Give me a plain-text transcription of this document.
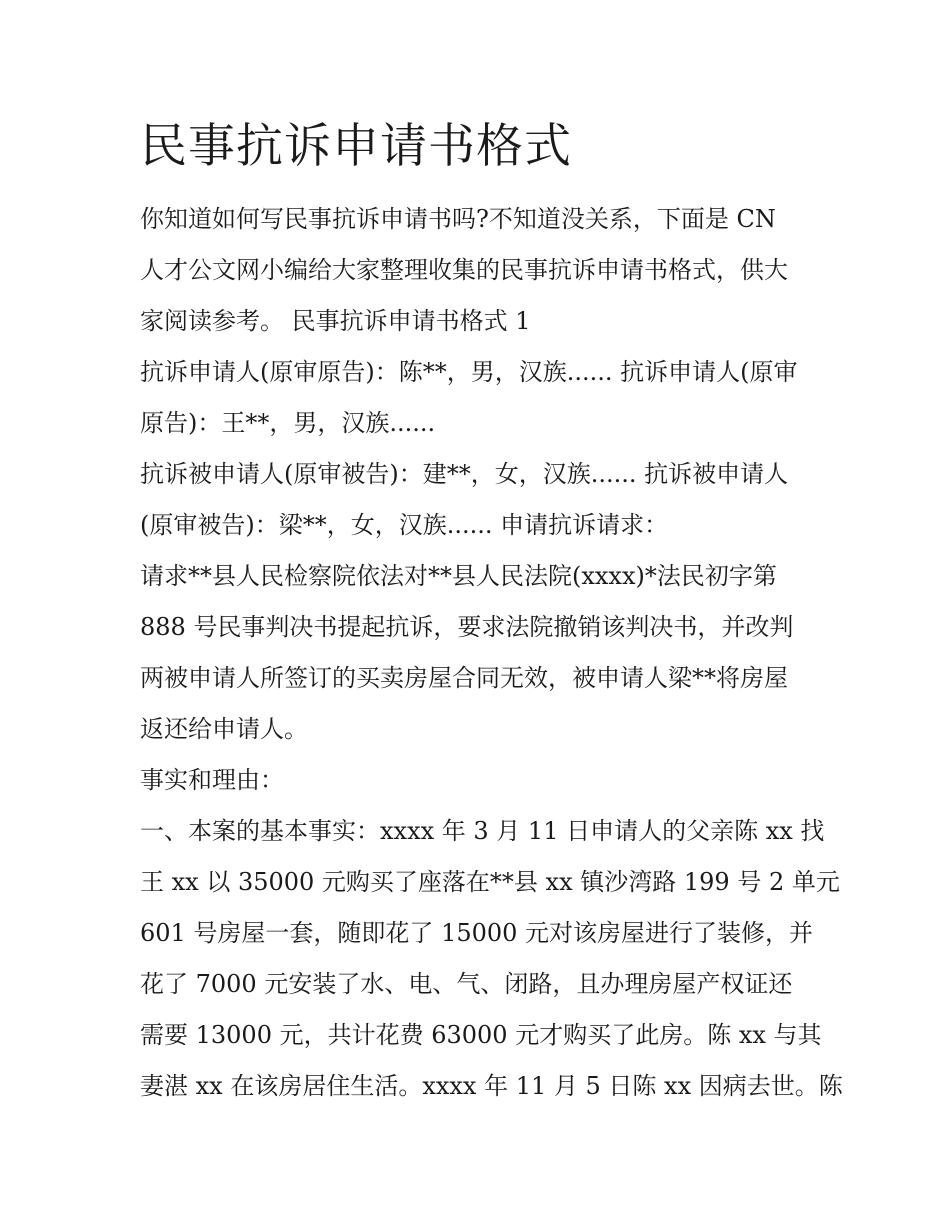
民事抗诉申请书格式

你知道如何写民事抗诉申请书吗?不知道没关系，下面是 CN

人才公文网小编给大家整理收集的民事抗诉申请书格式，供大

家阅读参考。 民事抗诉申请书格式 1

抗诉申请人(原审原告)：陈**，男，汉族...... 抗诉申请人(原审

原告)：王**，男，汉族......

抗诉被申请人(原审被告)：建**，女，汉族...... 抗诉被申请人

(原审被告)：梁**，女，汉族...... 申请抗诉请求：

请求**县人民检察院依法对**县人民法院(xxxx)*法民初字第

888 号民事判决书提起抗诉，要求法院撤销该判决书，并改判

两被申请人所签订的买卖房屋合同无效，被申请人梁**将房屋

返还给申请人。

事实和理由：

一、本案的基本事实：xxxx 年 3 月 11 日申请人的父亲陈 xx 找

王 xx 以 35000 元购买了座落在**县 xx 镇沙湾路 199 号 2 单元

601 号房屋一套，随即花了 15000 元对该房屋进行了装修，并

花了 7000 元安装了水、电、气、闭路，且办理房屋产权证还

需要 13000 元，共计花费 63000 元才购买了此房。陈 xx 与其

妻湛 xx 在该房居住生活。xxxx 年 11 月 5 日陈 xx 因病去世。陈
